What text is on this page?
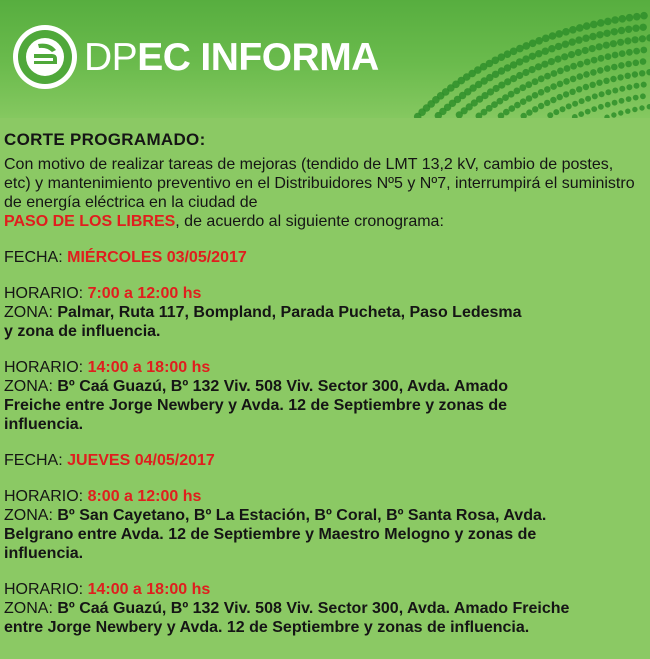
DPEC INFORMA
CORTE PROGRAMADO:
Con motivo de realizar tareas de mejoras (tendido de LMT 13,2 kV, cambio de postes, etc) y mantenimiento preventivo en el Distribuidores Nº5 y Nº7, interrumpirá el suministro de energía eléctrica en la ciudad de
PASO DE LOS LIBRES, de acuerdo al siguiente cronograma:
FECHA: MIÉRCOLES 03/05/2017
HORARIO: 7:00 a 12:00 hs
ZONA: Palmar, Ruta 117, Bompland, Parada Pucheta, Paso Ledesma
y zona de influencia.
HORARIO: 14:00 a 18:00 hs
ZONA: Bº Caá Guazú, Bº 132 Viv. 508 Viv. Sector 300, Avda. Amado
Freiche entre Jorge Newbery y Avda. 12 de Septiembre y zonas de
influencia.
FECHA: JUEVES 04/05/2017
HORARIO: 8:00 a 12:00 hs
ZONA: Bº San Cayetano, Bº La Estación, Bº Coral, Bº Santa Rosa, Avda.
Belgrano entre Avda. 12 de Septiembre y Maestro Melogno y zonas de
influencia.
HORARIO: 14:00 a 18:00 hs
ZONA: Bº Caá Guazú, Bº 132 Viv. 508 Viv. Sector 300, Avda. Amado Freiche
entre Jorge Newbery y Avda. 12 de Septiembre y zonas de influencia.
